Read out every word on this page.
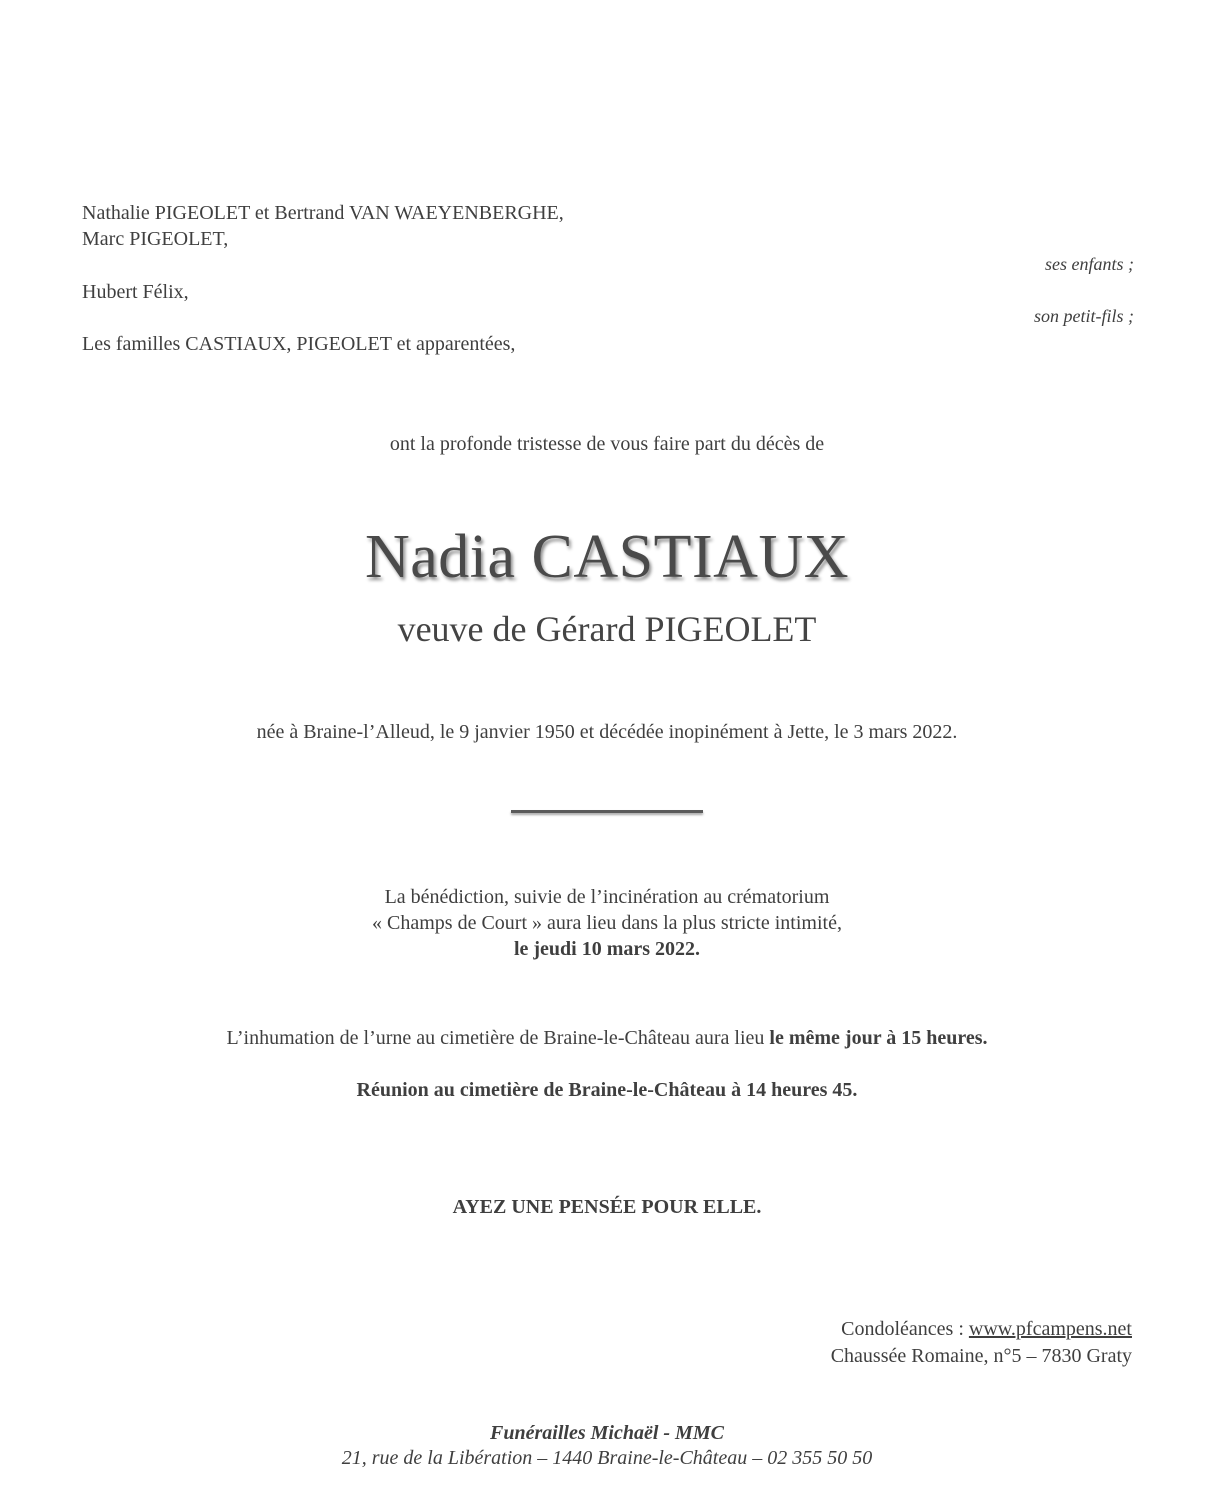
Nathalie PIGEOLET et Bertrand VAN WAEYENBERGHE,
Marc PIGEOLET,
ses enfants ;
Hubert Félix,
son petit-fils ;
Les familles CASTIAUX, PIGEOLET et apparentées,
ont la profonde tristesse de vous faire part du décès de
Nadia CASTIAUX
veuve de Gérard PIGEOLET
née à Braine-l’Alleud, le 9 janvier 1950 et décédée inopinément à Jette, le 3 mars 2022.
La bénédiction, suivie de l’incinération au crématorium
« Champs de Court » aura lieu dans la plus stricte intimité,
le jeudi 10 mars 2022.
L’inhumation de l’urne au cimetière de Braine-le-Château aura lieu le même jour à 15 heures.
Réunion au cimetière de Braine-le-Château à 14 heures 45.
AYEZ UNE PENSÉE POUR ELLE.
Condoléances : www.pfcampens.net
Chaussée Romaine, n°5 – 7830 Graty
Funérailles Michaël - MMC
21, rue de la Libération – 1440 Braine-le-Château – 02 355 50 50
